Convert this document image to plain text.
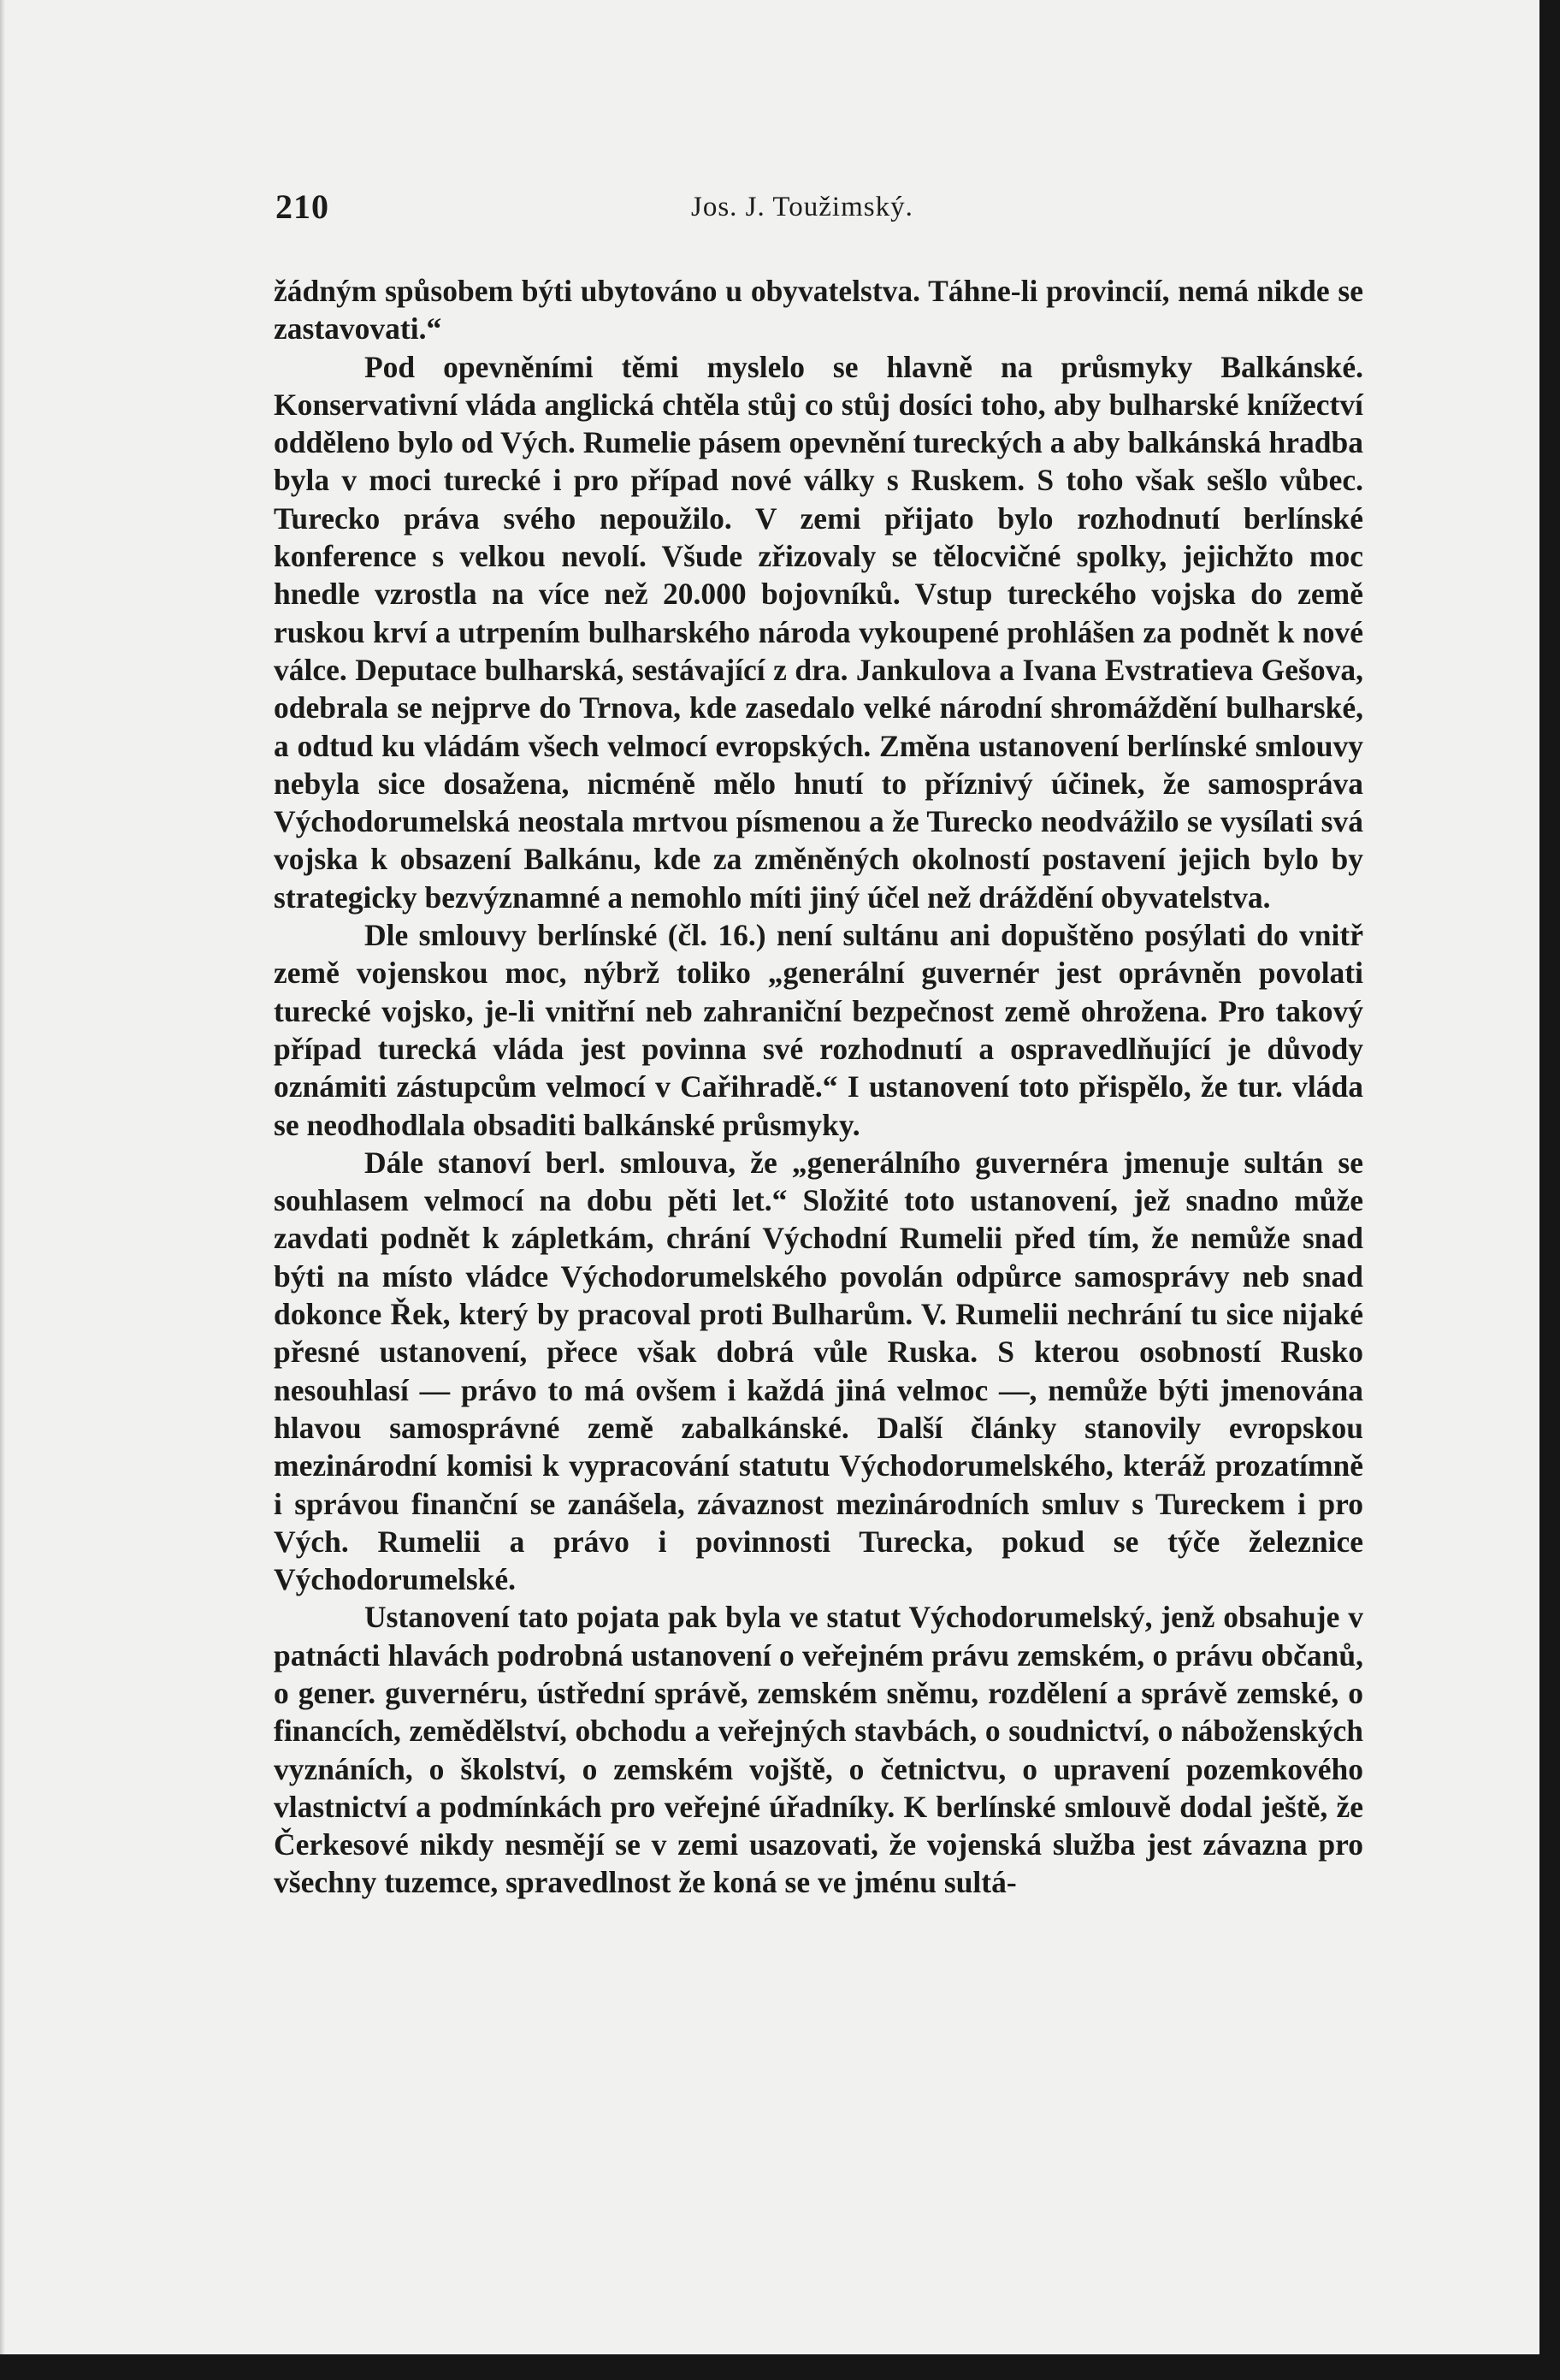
210	Jos. J. Toužimský.

žádným spůsobem býti ubytováno u obyvatelstva. Táhne-li provincií, nemá nikde se zastavovati.“

Pod opevněními těmi myslelo se hlavně na průsmyky Balkánské. Konservativní vláda anglická chtěla stůj co stůj dosíci toho, aby bulharské knížectví odděleno bylo od Vých. Rumelie pásem opevnění tureckých a aby balkánská hradba byla v moci turecké i pro případ nové války s Ruskem. S toho však sešlo vůbec. Turecko práva svého nepoužilo. V zemi přijato bylo rozhodnutí berlínské konference s velkou nevolí. Všude zřizovaly se tělocvičné spolky, jejichžto moc hnedle vzrostla na více než 20.000 bojovníků. Vstup tureckého vojska do země ruskou krví a utrpením bulharského národa vykoupené prohlášen za podnět k nové válce. Deputace bulharská, sestávající z dra. Jankulova a Ivana Evstratieva Gešova, odebrala se nejprve do Trnova, kde zasedalo velké národní shromáždění bulharské, a odtud ku vládám všech velmocí evropských. Změna ustanovení berlínské smlouvy nebyla sice dosažena, nicméně mělo hnutí to příznivý účinek, že samospráva Východorumelská neostala mrtvou písmenou a že Turecko neodvážilo se vysílati svá vojska k obsazení Balkánu, kde za změněných okolností postavení jejich bylo by strategicky bezvýznamné a nemohlo míti jiný účel než dráždění obyvatelstva.

Dle smlouvy berlínské (čl. 16.) není sultánu ani dopuštěno posýlati do vnitř země vojenskou moc, nýbrž toliko „generální guvernér jest oprávněn povolati turecké vojsko, je-li vnitřní neb zahraniční bezpečnost země ohrožena. Pro takový případ turecká vláda jest povinna své rozhodnutí a ospravedlňující je důvody oznámiti zástupcům velmocí v Cařihradě.“ I ustanovení toto přispělo, že tur. vláda se neodhodlala obsaditi balkánské průsmyky.

Dále stanoví berl. smlouva, že „generálního guvernéra jmenuje sultán se souhlasem velmocí na dobu pěti let.“ Složité toto ustanovení, jež snadno může zavdati podnět k zápletkám, chrání Východní Rumelii před tím, že nemůže snad býti na místo vládce Východorumelského povolán odpůrce samosprávy neb snad dokonce Řek, který by pracoval proti Bulharům. V. Rumelii nechrání tu sice nijaké přesné ustanovení, přece však dobrá vůle Ruska. S kterou osobností Rusko nesouhlasí — právo to má ovšem i každá jiná velmoc —, nemůže býti jmenována hlavou samosprávné země zabalkánské. Další články stanovily evropskou mezinárodní komisi k vypracování statutu Východorumelského, kteráž prozatímně i správou finanční se zanášela, závaznost mezinárodních smluv s Tureckem i pro Vých. Rumelii a právo i povinnosti Turecka, pokud se týče železnice Východorumelské.

Ustanovení tato pojata pak byla ve statut Východorumelský, jenž obsahuje v patnácti hlavách podrobná ustanovení o veřejném právu zemském, o právu občanů, o gener. guvernéru, ústřední správě, zemském sněmu, rozdělení a správě zemské, o financích, zemědělství, obchodu a veřejných stavbách, o soudnictví, o náboženských vyznáních, o školství, o zemském vojště, o četnictvu, o upravení pozemkového vlastnictví a podmínkách pro veřejné úřadníky. K berlínské smlouvě dodal ještě, že Čerkesové nikdy nesmějí se v zemi usazovati, že vojenská služba jest závazna pro všechny tuzemce, spravedlnost že koná se ve jménu sultá-
